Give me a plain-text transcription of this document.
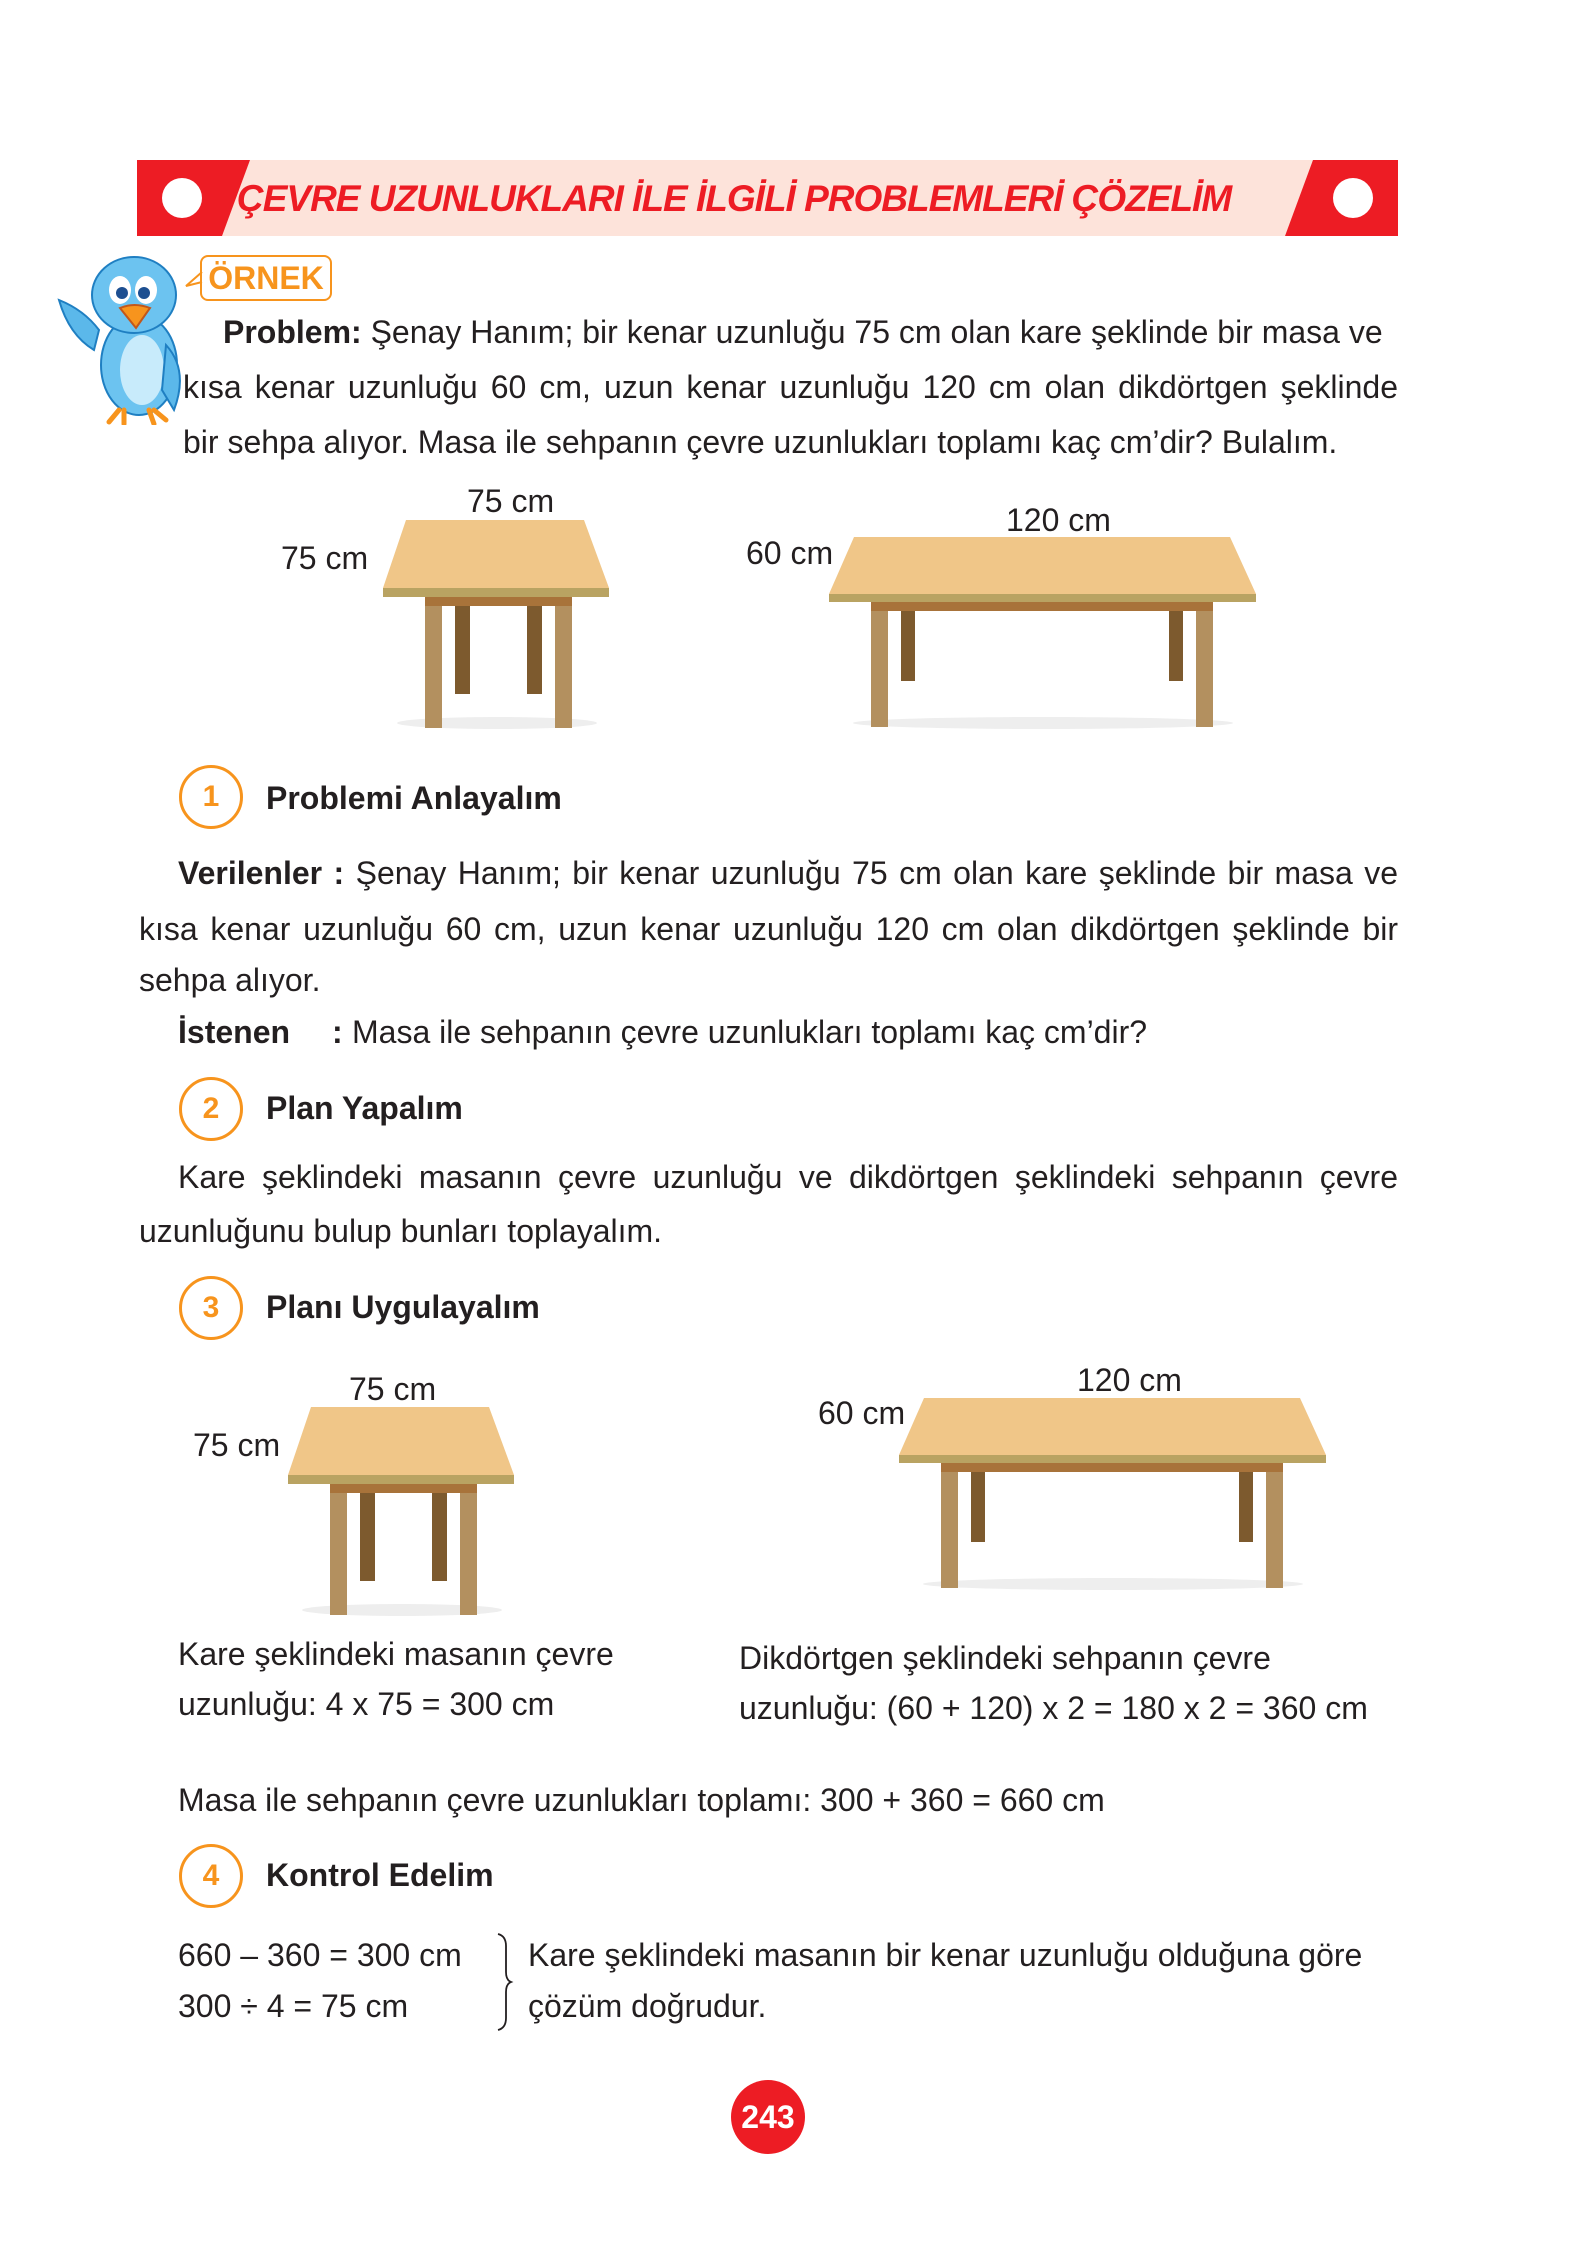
ÇEVRE UZUNLUKLARI İLE İLGİLİ PROBLEMLERİ ÇÖZELİM
ÖRNEK
Problem: Şenay Hanım; bir kenar uzunluğu 75 cm olan kare şeklinde bir masa ve
kısa kenar uzunluğu 60 cm, uzun kenar uzunluğu 120 cm olan dikdörtgen şeklinde
bir sehpa alıyor. Masa ile sehpanın çevre uzunlukları toplamı kaç cm’dir? Bulalım.
75 cm
75 cm
120 cm
60 cm
1	Problemi Anlayalım
Verilenler : Şenay Hanım; bir kenar uzunluğu 75 cm olan kare şeklinde bir masa ve
kısa kenar uzunluğu 60 cm, uzun kenar uzunluğu 120 cm olan dikdörtgen şeklinde bir
sehpa alıyor.
İstenen : Masa ile sehpanın çevre uzunlukları toplamı kaç cm’dir?
2	Plan Yapalım
Kare şeklindeki masanın çevre uzunluğu ve dikdörtgen şeklindeki sehpanın çevre
uzunluğunu bulup bunları toplayalım.
3	Planı Uygulayalım
75 cm
75 cm
120 cm
60 cm
Kare şeklindeki masanın çevre
uzunluğu: 4 x 75 = 300 cm
Dikdörtgen şeklindeki sehpanın çevre
uzunluğu: (60 + 120) x 2 = 180 x 2 = 360 cm
Masa ile sehpanın çevre uzunlukları toplamı: 300 + 360 = 660 cm
4	Kontrol Edelim
660 – 360 = 300 cm
300 ÷ 4 = 75 cm
Kare şeklindeki masanın bir kenar uzunluğu olduğuna göre
çözüm doğrudur.
243
